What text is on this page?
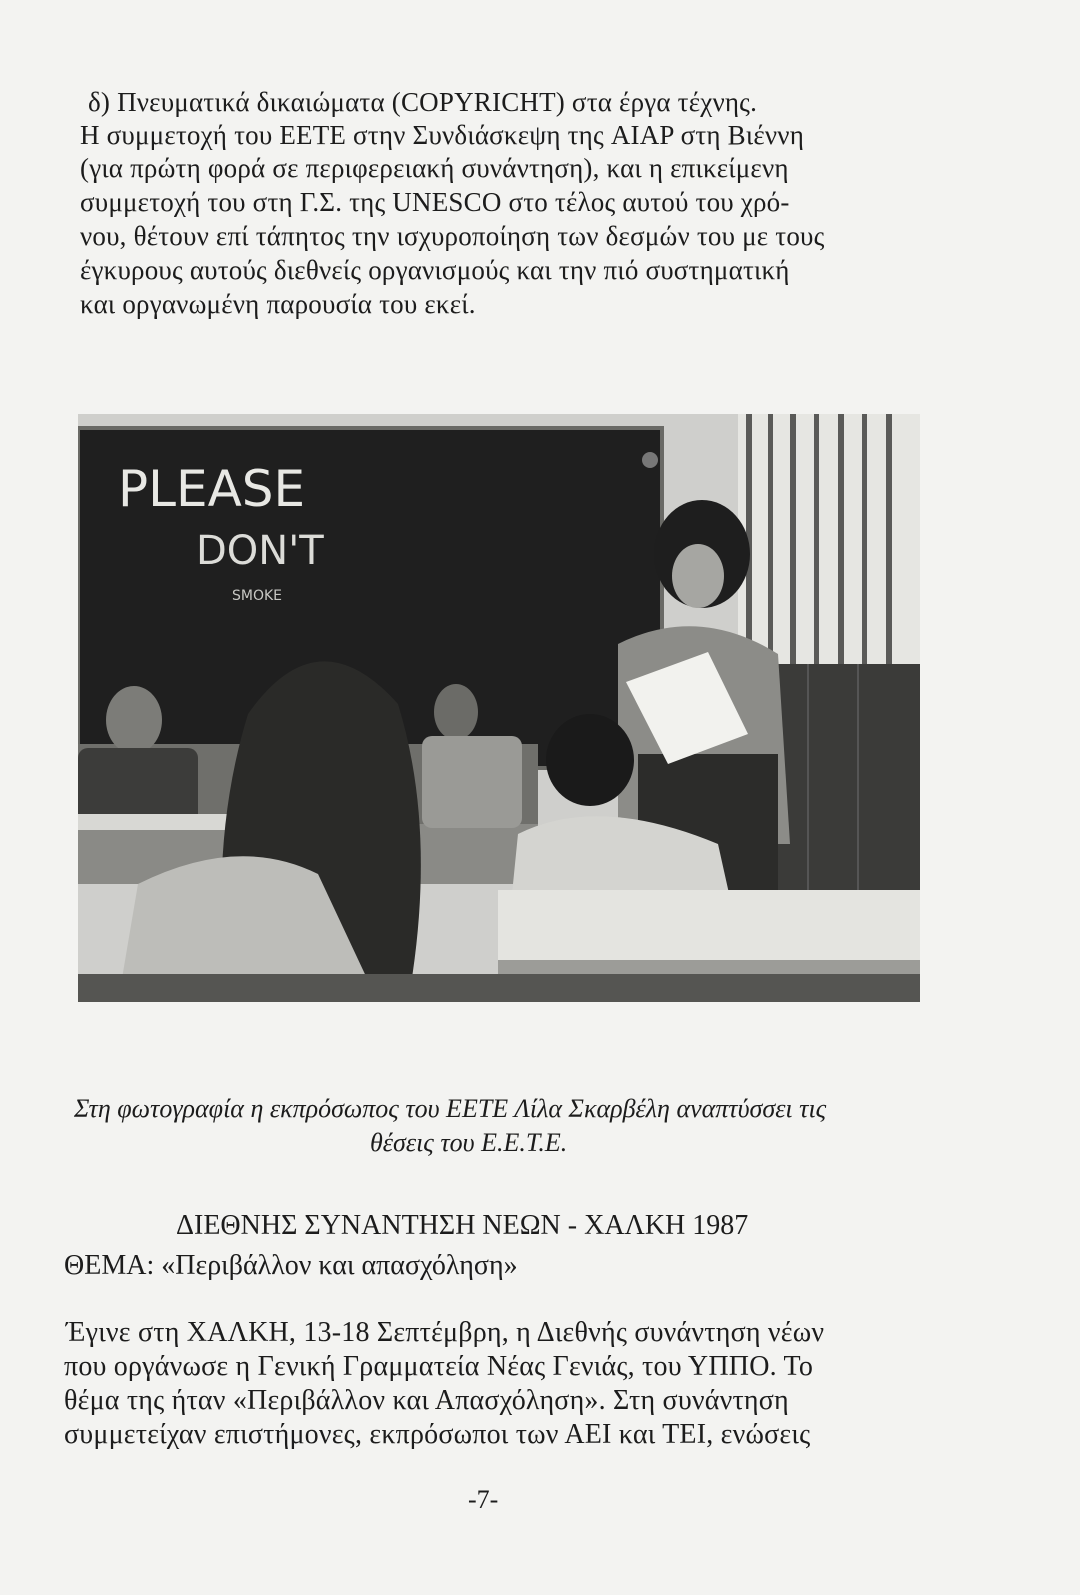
δ) Πνευματικά δικαιώματα (COPYRICHT) στα έργα τέχνης.
Η συμμετοχή του ΕΕΤΕ στην Συνδιάσκεψη της AIAP στη Βιέννη
(για πρώτη φορά σε περιφερειακή συνάντηση), και η επικείμενη
συμμετοχή του στη Γ.Σ. της UNESCO στο τέλος αυτού του χρό-
νου, θέτουν επί τάπητος την ισχυροποίηση των δεσμών του με τους
έγκυρους αυτούς διεθνείς οργανισμούς και την πιό συστηματική
και οργανωμένη παρουσία του εκεί.
PLEASE
DON'T
SMOKE
Στη φωτογραφία η εκπρόσωπος του ΕΕΤΕ Λίλα Σκαρβέλη αναπτύσσει τις
θέσεις του Ε.Ε.Τ.Ε.
ΔΙΕΘΝΗΣ ΣΥΝΑΝΤΗΣΗ ΝΕΩΝ - ΧΑΛΚΗ 1987
ΘΕΜΑ: «Περιβάλλον και απασχόληση»
Έγινε στη ΧΑΛΚΗ, 13-18 Σεπτέμβρη, η Διεθνής συνάντηση νέων
που οργάνωσε η Γενική Γραμματεία Νέας Γενιάς, του ΥΠΠΟ. Το
θέμα της ήταν «Περιβάλλον και Απασχόληση». Στη συνάντηση
συμμετείχαν επιστήμονες, εκπρόσωποι των ΑΕΙ και ΤΕΙ, ενώσεις
-7-
